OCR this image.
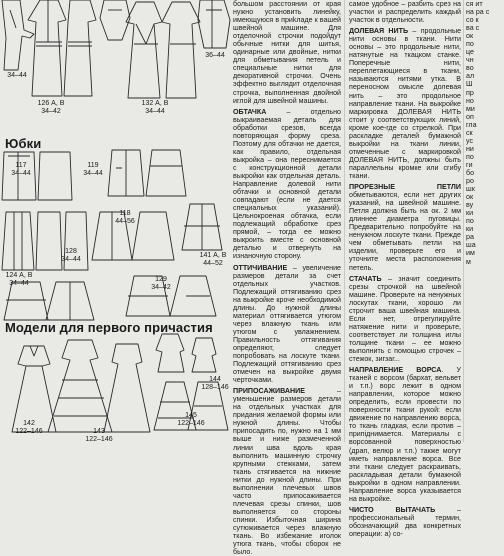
34–44
126 А, В
34–42
132 А, В
34–44
36–44
Юбки
117
34–44
119
34–44
124 А, В
34–44
118
44–56
141 А, В
44–52
128
34–44
129
34–42
Модели для первого причастия
142
122–146	143
122–146
144
128–146
145
122–146

большом расстоянии от края нужно установить линейку, имеющуюся в приkладе к вашей швейной машине. Для отделочной строчки подойдут обычные нитки для шитья, одинарные или двойные, нитки для обметывания петель и специальные нитки для декоративной строчки. Очень эффектно выглядит отделочная строчка, выполненная двойной иглой для швейной машины.

ОБТАЧКА – отдельно выкраиваемая деталь для обработки срезов, всегда повторяющая форму среза. Поэтому для обтачки не дается, как правило, отдельная выкройка – она переснимается с конструкционной детали выкройки как отдельная деталь. Направление долевой нити обтачки и основной детали совпадают (если не дается специальных указаний). Цельнокроеная обтачка, если подлежащий обработке срез прямой, – тогда ее можно выкроить вместе с основной деталью и отвернуть на изнаночную сторону.

ОТТИЧИВАНИЕ – увеличение размеров детали за счет отдельных участков. Подлежащий оттягиванию срез на выкройке кроче необходимой длины. До нужной длины материал оттягивается утюгом через влажную ткань или утюгом с увлажнением. Правильность оттягивания определяют, следует попробовать на лоскуте ткани. Подлежащий оттягиванию срез отмечен на выкройке двумя черточками.

ПРИПОСАЖИВАНИЕ – уменьшение размеров детали на отдельных участках для придания желаемой формы или нужной длины. Чтобы припосадить по, нужно на 1 мм выше и ниже размеченной линии шва вдоль края выполнить машинную строчку крупными стежками, затем ткань стягивается на нижние нитки до нужной длины. При выполнении плечевых швов часто припосаживается плечевая срезы спинки, шов выполняется со стороны спинки. Избыточная ширина сутюживается через влажную ткань. Во избежание иголок утюга ткань, чтобы сборок не было.

самое удобное – разбить срез на участки и распределить каждый участок в отдельности.

ДОЛЕВАЯ НИТЬ – продольные нити основы в ткани. Нити основы – это продольные нити, натянутые на ткацком станке. Поперечные нити, переплетающиеся в ткани, называются нитями утка. В переносном смысле долевая нить – это продольное направление ткани. На выкройке маркировка ДОЛЕВАЯ НИТЬ стоит у соответствующих линий, кроме кое-где со стрелкой. При раскладке деталей бумажной выкройки на ткани линии, отмеченные с маркировкой ДОЛЕВАЯ НИТЬ, должны быть параллельны кромке или сгибу ткани.

ПРОРЕЗНЫЕ ПЕТЛИ обметываются, если нет других указаний, на швейной машине. Петля должна быть на ок. 2 мм длиннее диаметра пуговицы. Предварительно попробуйте на ненужном лоскуте ткани. Прежде чем обметывать петли на изделии, проверьте его и уточните места расположения петель.

СТАЧАТЬ – значит соединить срезы строчкой на швейной машине. Проверьте на ненужных лоскутах ткани, хорошо ли строчит ваша швейная машина. Если нет, отрегулируйте натяжение нити и проверьте, соответствует ли толщина иглы толщине ткани – ее можно выполнить с помощью строчек – стежок, зигзаг...

НАПРАВЛЕНИЕ ВОРСА. У тканей с ворсом (бархат, вельвет и т.п.) ворс лежит в одном направлении, которое можно определить, если провести по поверхности ткани рукой: если движение по направлению ворса, то ткань гладкая, если против – припіднимается. Материалы с ворсованной поверхностью (драп, велюр и т.п.) также могут иметь направление ворса. Все эти ткани следует раскраивать, раскладывая детали бумажной выкройки в одном направлении. Направление ворса указывается на выкройке.

ЧИСТО ВЫТАЧАТЬ – профессиональный термин, обозначающий два конкретных операции: a) со-

ся ит
на ра с
со к
ва с
ок
по
це
чн
во
ал
Ш
пр
но
ми
оп
гла
ск
ус
ни
по
ги
бо
ро
шк
ок
ву
ки
по
ки
ра
ша
им
м
